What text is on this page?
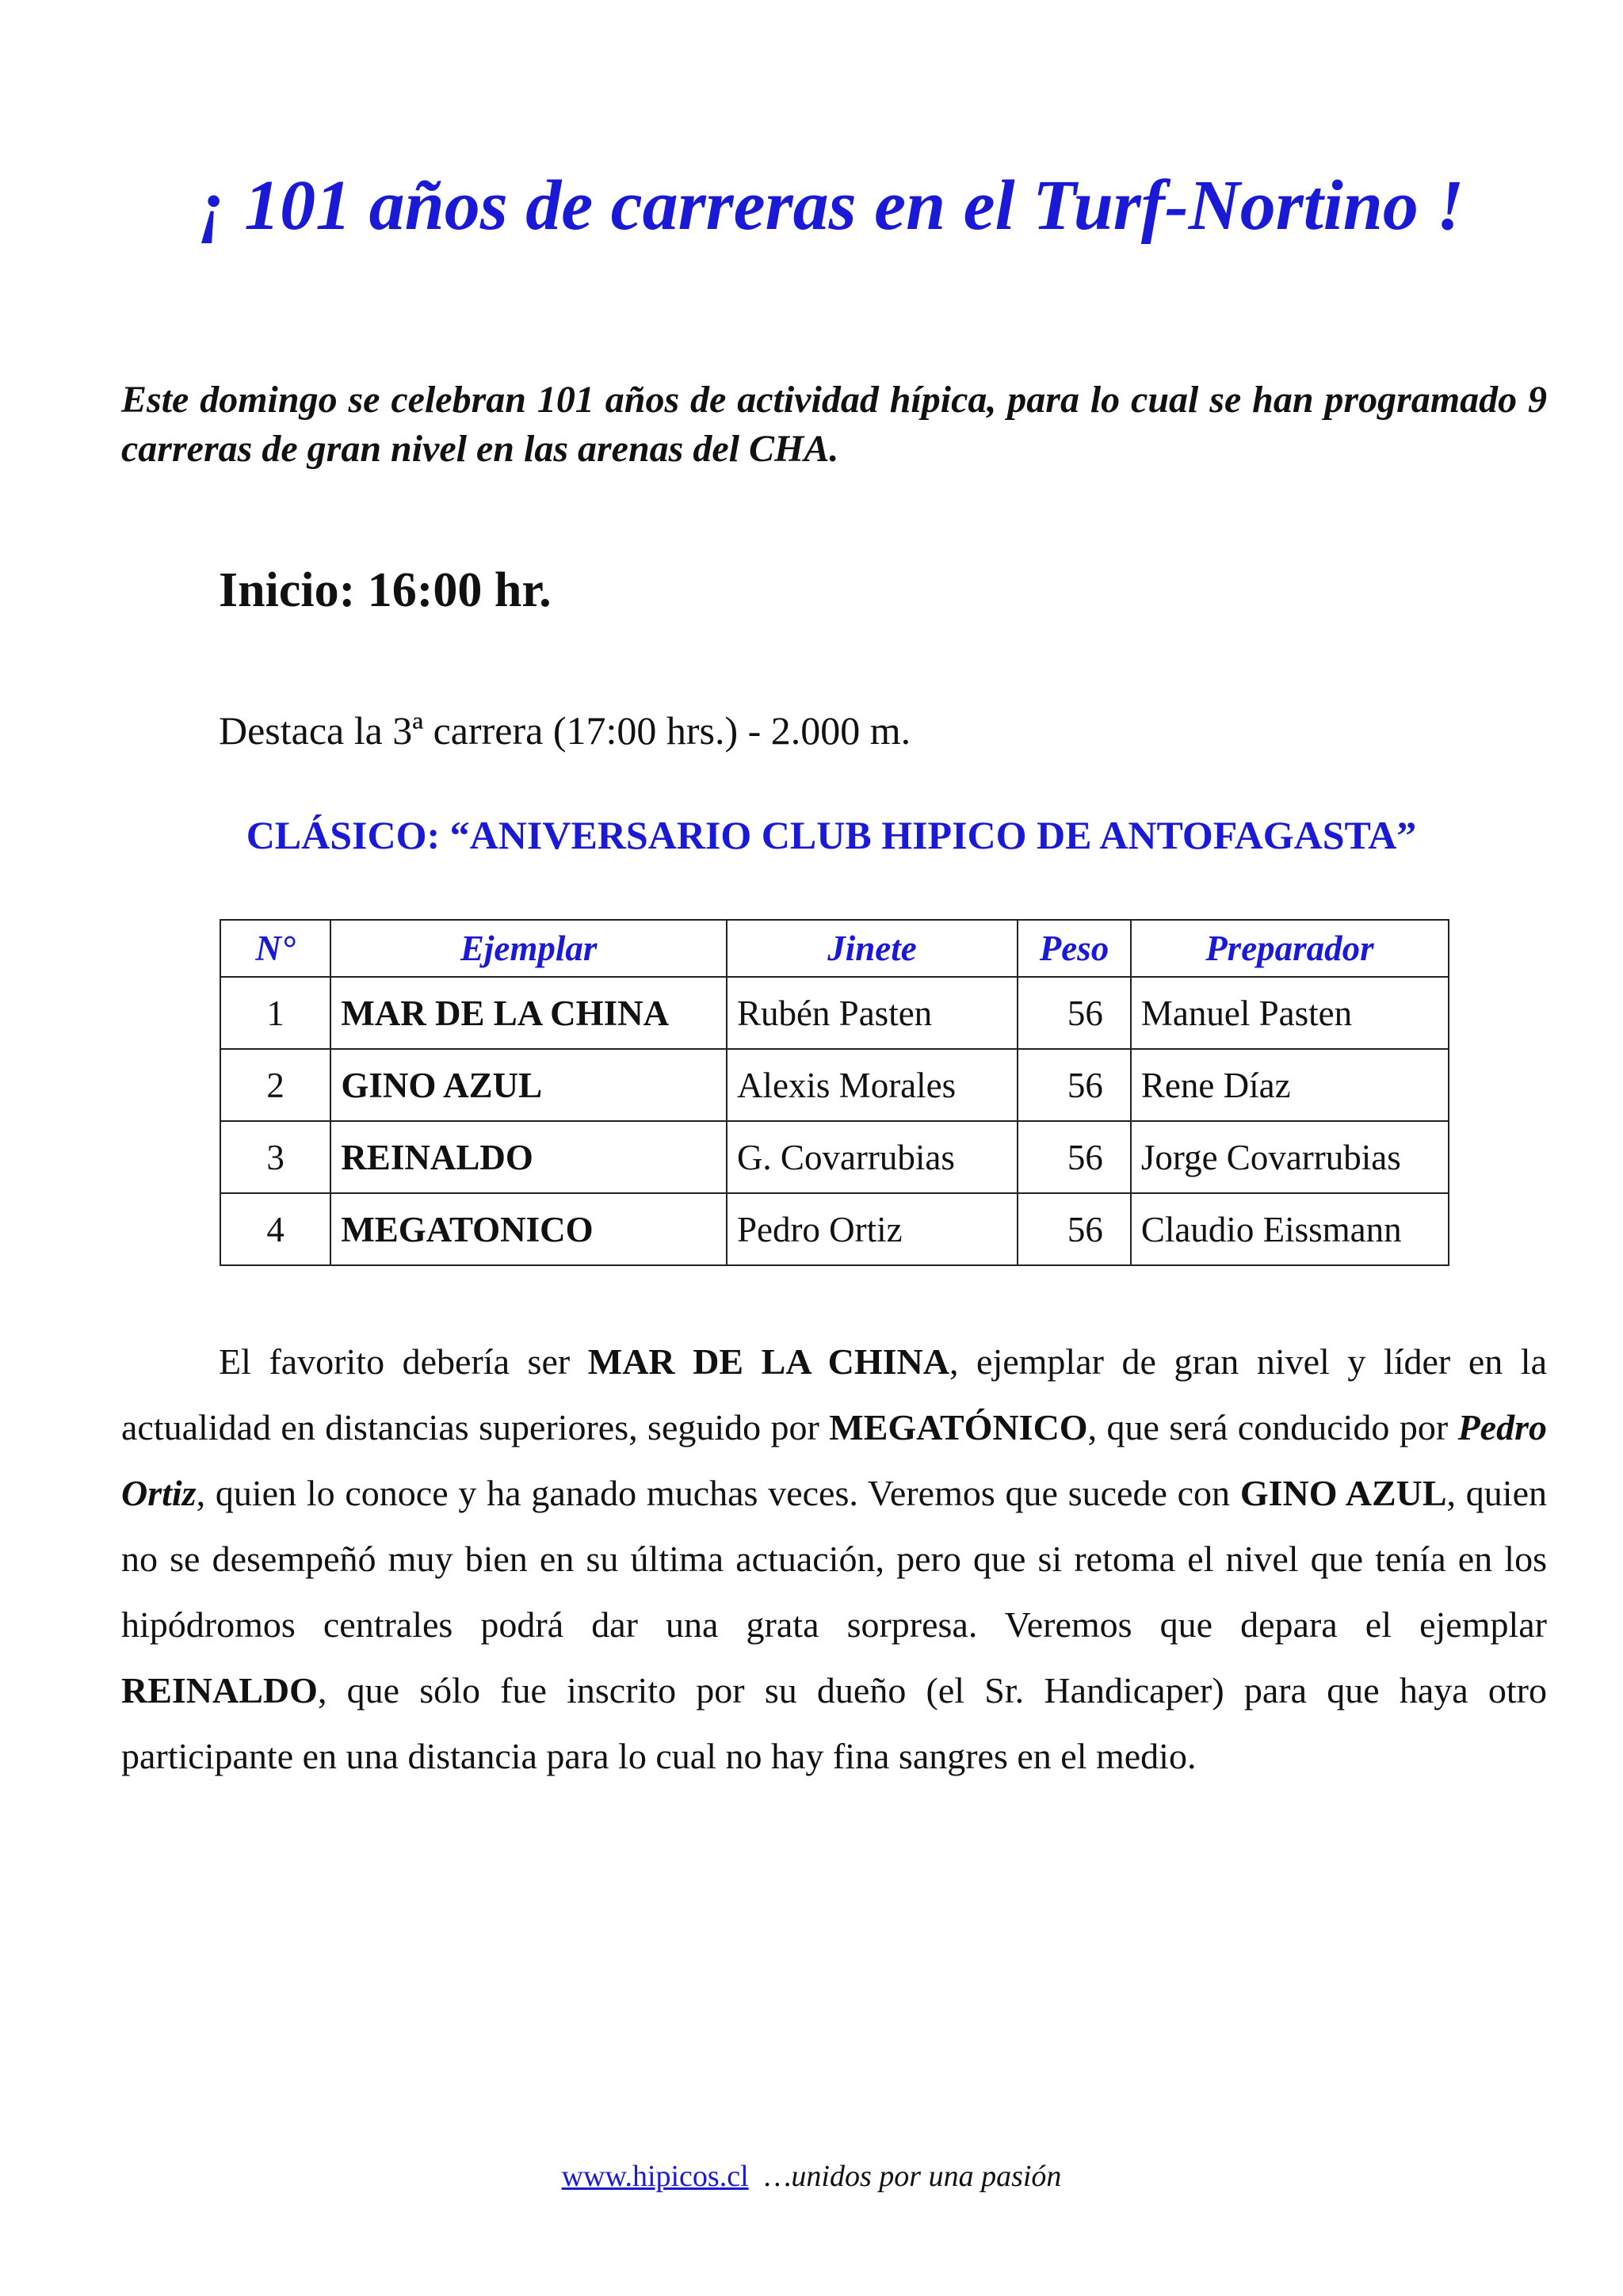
¡ 101 años de carreras en el Turf-Nortino !

Este domingo se celebran 101 años de actividad hípica, para lo cual se han programado 9 carreras de gran nivel en las arenas del CHA.

Inicio: 16:00 hr.

Destaca la 3ª carrera (17:00 hrs.) - 2.000 m.

CLÁSICO: “ANIVERSARIO CLUB HIPICO DE ANTOFAGASTA”

N°	Ejemplar	Jinete	Peso	Preparador
1	MAR DE LA CHINA	Rubén Pasten	56	Manuel Pasten
2	GINO AZUL	Alexis Morales	56	Rene Díaz
3	REINALDO	G. Covarrubias	56	Jorge Covarrubias
4	MEGATONICO	Pedro Ortiz	56	Claudio Eissmann

El favorito debería ser MAR DE LA CHINA, ejemplar de gran nivel y líder en la actualidad en distancias superiores, seguido por MEGATÓNICO, que será conducido por Pedro Ortiz, quien lo conoce y ha ganado muchas veces. Veremos que sucede con GINO AZUL, quien no se desempeñó muy bien en su última actuación, pero que si retoma el nivel que tenía en los hipódromos centrales podrá dar una grata sorpresa. Veremos que depara el ejemplar REINALDO, que sólo fue inscrito por su dueño (el Sr. Handicaper) para que haya otro participante en una distancia para lo cual no hay fina sangres en el medio.

www.hipicos.cl …unidos por una pasión
